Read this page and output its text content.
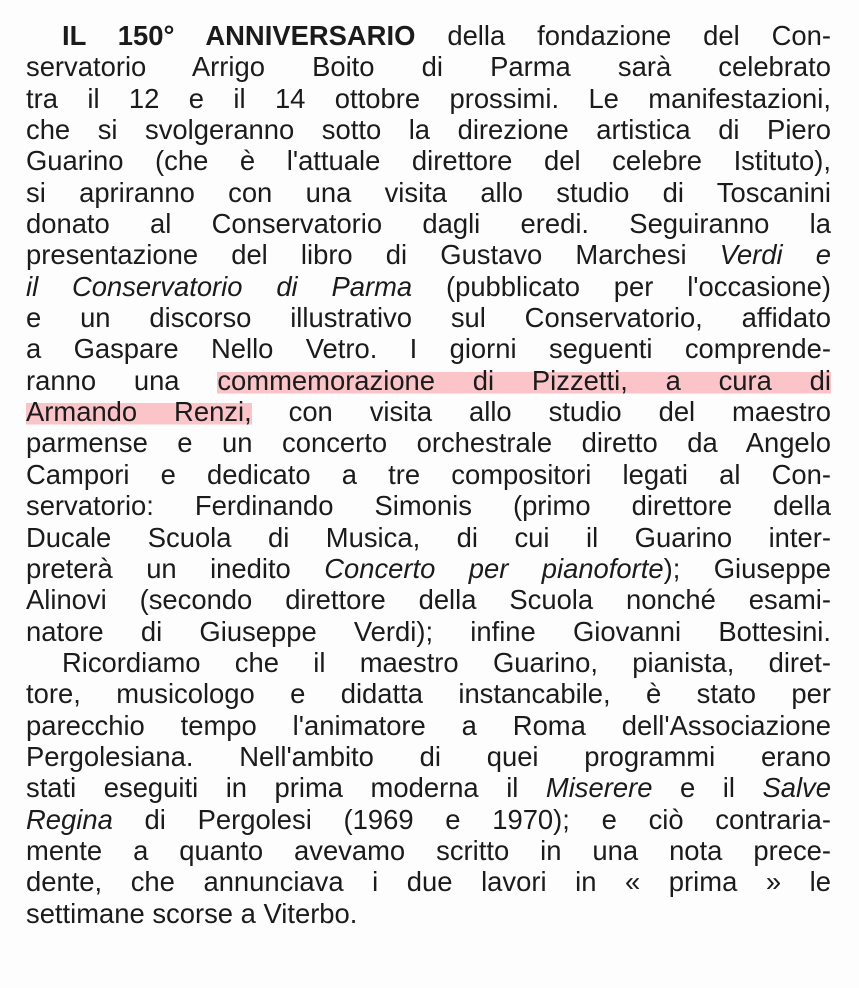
IL 150° ANNIVERSARIO della fondazione del Con-
servatorio Arrigo Boito di Parma sarà celebrato
tra il 12 e il 14 ottobre prossimi. Le manifestazioni,
che si svolgeranno sotto la direzione artistica di Piero
Guarino (che è l'attuale direttore del celebre Istituto),
si apriranno con una visita allo studio di Toscanini
donato al Conservatorio dagli eredi. Seguiranno la
presentazione del libro di Gustavo Marchesi Verdi e
il Conservatorio di Parma (pubblicato per l'occasione)
e un discorso illustrativo sul Conservatorio, affidato
a Gaspare Nello Vetro. I giorni seguenti comprende-
ranno una commemorazione di Pizzetti, a cura di
Armando Renzi, con visita allo studio del maestro
parmense e un concerto orchestrale diretto da Angelo
Campori e dedicato a tre compositori legati al Con-
servatorio: Ferdinando Simonis (primo direttore della
Ducale Scuola di Musica, di cui il Guarino inter-
preterà un inedito Concerto per pianoforte); Giuseppe
Alinovi (secondo direttore della Scuola nonché esami-
natore di Giuseppe Verdi); infine Giovanni Bottesini.
Ricordiamo che il maestro Guarino, pianista, diret-
tore, musicologo e didatta instancabile, è stato per
parecchio tempo l'animatore a Roma dell'Associazione
Pergolesiana. Nell'ambito di quei programmi erano
stati eseguiti in prima moderna il Miserere e il Salve
Regina di Pergolesi (1969 e 1970); e ciò contraria-
mente a quanto avevamo scritto in una nota prece-
dente, che annunciava i due lavori in « prima » le
settimane scorse a Viterbo.
